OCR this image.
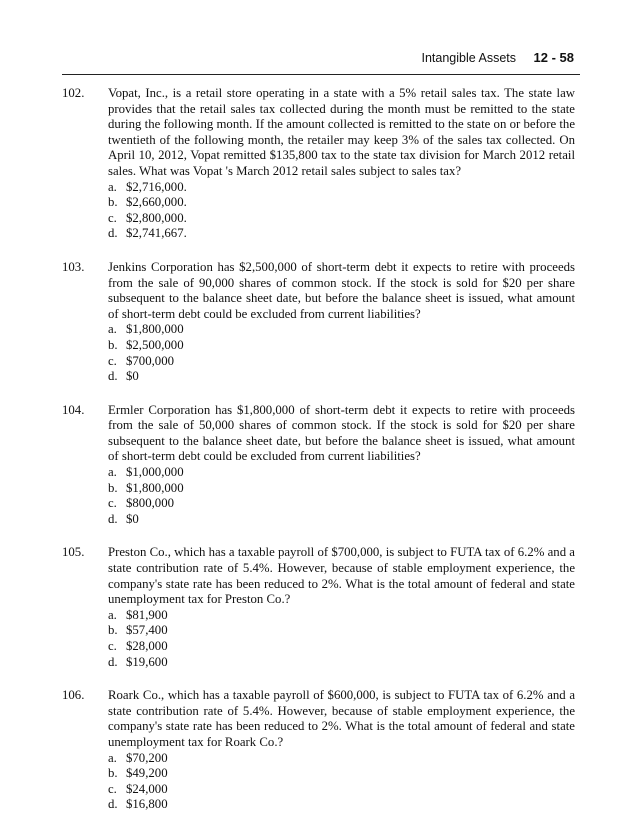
Intangible Assets 12 - 58
102.	Vopat, Inc., is a retail store operating in a state with a 5% retail sales tax. The state law provides that the retail sales tax collected during the month must be remitted to the state during the following month. If the amount collected is remitted to the state on or before the twentieth of the following month, the retailer may keep 3% of the sales tax collected. On April 10, 2012, Vopat remitted $135,800 tax to the state tax division for March 2012 retail sales. What was Vopat 's March 2012 retail sales subject to sales tax?
a. $2,716,000.
b. $2,660,000.
c. $2,800,000.
d. $2,741,667.
103.	Jenkins Corporation has $2,500,000 of short-term debt it expects to retire with proceeds from the sale of 90,000 shares of common stock. If the stock is sold for $20 per share subsequent to the balance sheet date, but before the balance sheet is issued, what amount of short-term debt could be excluded from current liabilities?
a. $1,800,000
b. $2,500,000
c. $700,000
d. $0
104.	Ermler Corporation has $1,800,000 of short-term debt it expects to retire with proceeds from the sale of 50,000 shares of common stock. If the stock is sold for $20 per share subsequent to the balance sheet date, but before the balance sheet is issued, what amount of short-term debt could be excluded from current liabilities?
a. $1,000,000
b. $1,800,000
c. $800,000
d. $0
105.	Preston Co., which has a taxable payroll of $700,000, is subject to FUTA tax of 6.2% and a state contribution rate of 5.4%. However, because of stable employment experience, the company's state rate has been reduced to 2%. What is the total amount of federal and state unemployment tax for Preston Co.?
a. $81,900
b. $57,400
c. $28,000
d. $19,600
106.	Roark Co., which has a taxable payroll of $600,000, is subject to FUTA tax of 6.2% and a state contribution rate of 5.4%. However, because of stable employment experience, the company's state rate has been reduced to 2%. What is the total amount of federal and state unemployment tax for Roark Co.?
a. $70,200
b. $49,200
c. $24,000
d. $16,800
